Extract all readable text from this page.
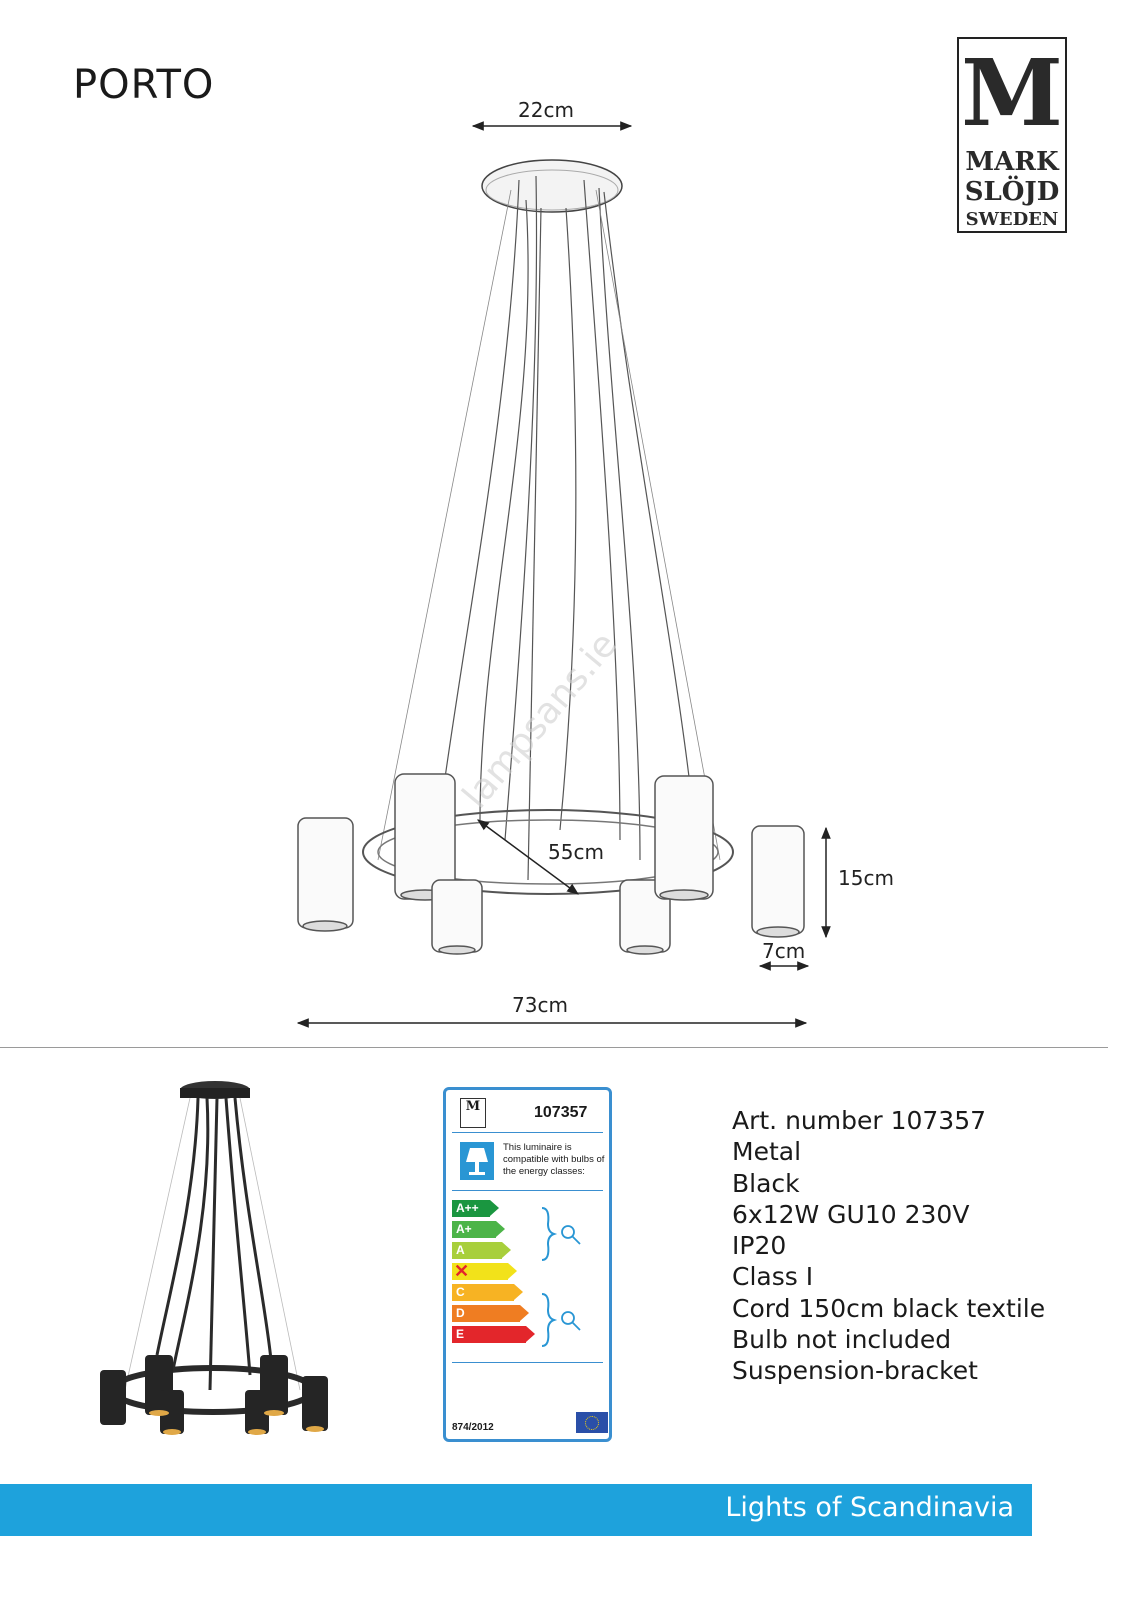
PORTO	M
MARK
SLÖJD
SWEDEN
22cm
55cm
15cm
7cm
73cm
lampsans.ie
M	107357
This luminaire is compatible with bulbs of the energy classes:
A++
A+
A
✕
C
D
E
874/2012
Art. number 107357
Metal
Black
6x12W GU10 230V
IP20
Class I
Cord 150cm black textile
Bulb not included
Suspension-bracket
Lights of Scandinavia
